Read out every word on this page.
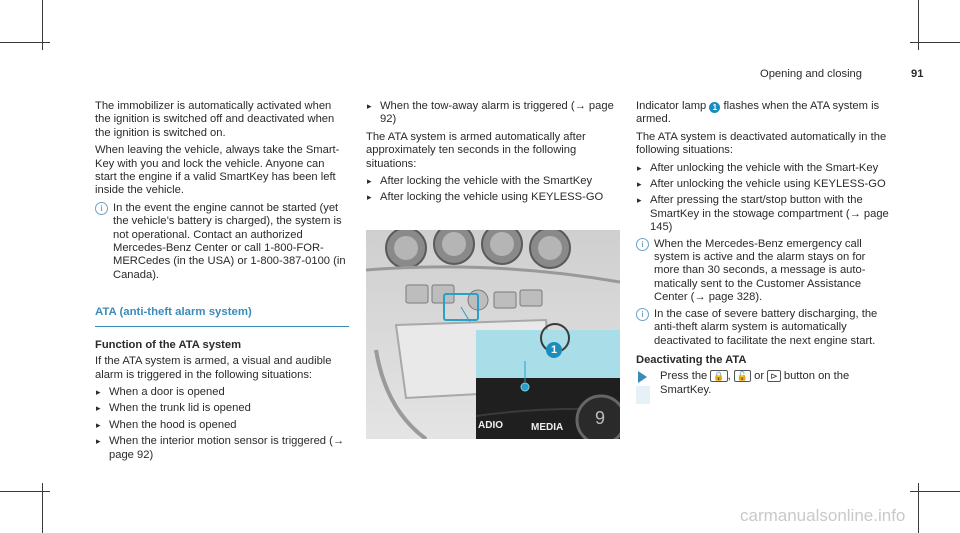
Opening and closing	91

The immobilizer is automatically activated when the ignition is switched off and deactivated when the ignition is switched on.

When leaving the vehicle, always take the Smart-Key with you and lock the vehicle. Anyone can start the engine if a valid SmartKey has been left inside the vehicle.

i In the event the engine cannot be started (yet the vehicle’s battery is charged), the system is not operational. Contact an authorized Mercedes-Benz Center or call 1-800-FOR-MERCedes (in the USA) or 1-800-387-0100 (in Canada).
ATA (anti-theft alarm system)
Function of the ATA system

If the ATA system is armed, a visual and audible alarm is triggered in the following situations:

▸ When a door is opened
▸ When the trunk lid is opened
▸ When the hood is opened
▸ When the interior motion sensor is triggered (→ page 92)
▸ When the tow-away alarm is triggered (→ page 92)

The ATA system is armed automatically after approximately ten seconds in the following situations:

▸ After locking the vehicle with the SmartKey
▸ After locking the vehicle using KEYLESS-GO
1
ADIO	MEDIA 9

Indicator lamp 1 flashes when the ATA system is armed.

The ATA system is deactivated automatically in the following situations:

▸ After unlocking the vehicle with the Smart-Key
▸ After unlocking the vehicle using KEYLESS-GO
▸ After pressing the start/stop button with the SmartKey in the stowage compartment (→ page 145)
i When the Mercedes-Benz emergency call system is active and the alarm stays on for more than 30 seconds, a message is auto-matically sent to the Customer Assistance Center (→ page 328).
i In the case of severe battery discharging, the anti-theft alarm system is automatically deactivated to facilitate the next engine start.
Deactivating the ATA
Press the 🔒 , 🔓 or ⊳ button on the SmartKey.
carmanualsonline.info
